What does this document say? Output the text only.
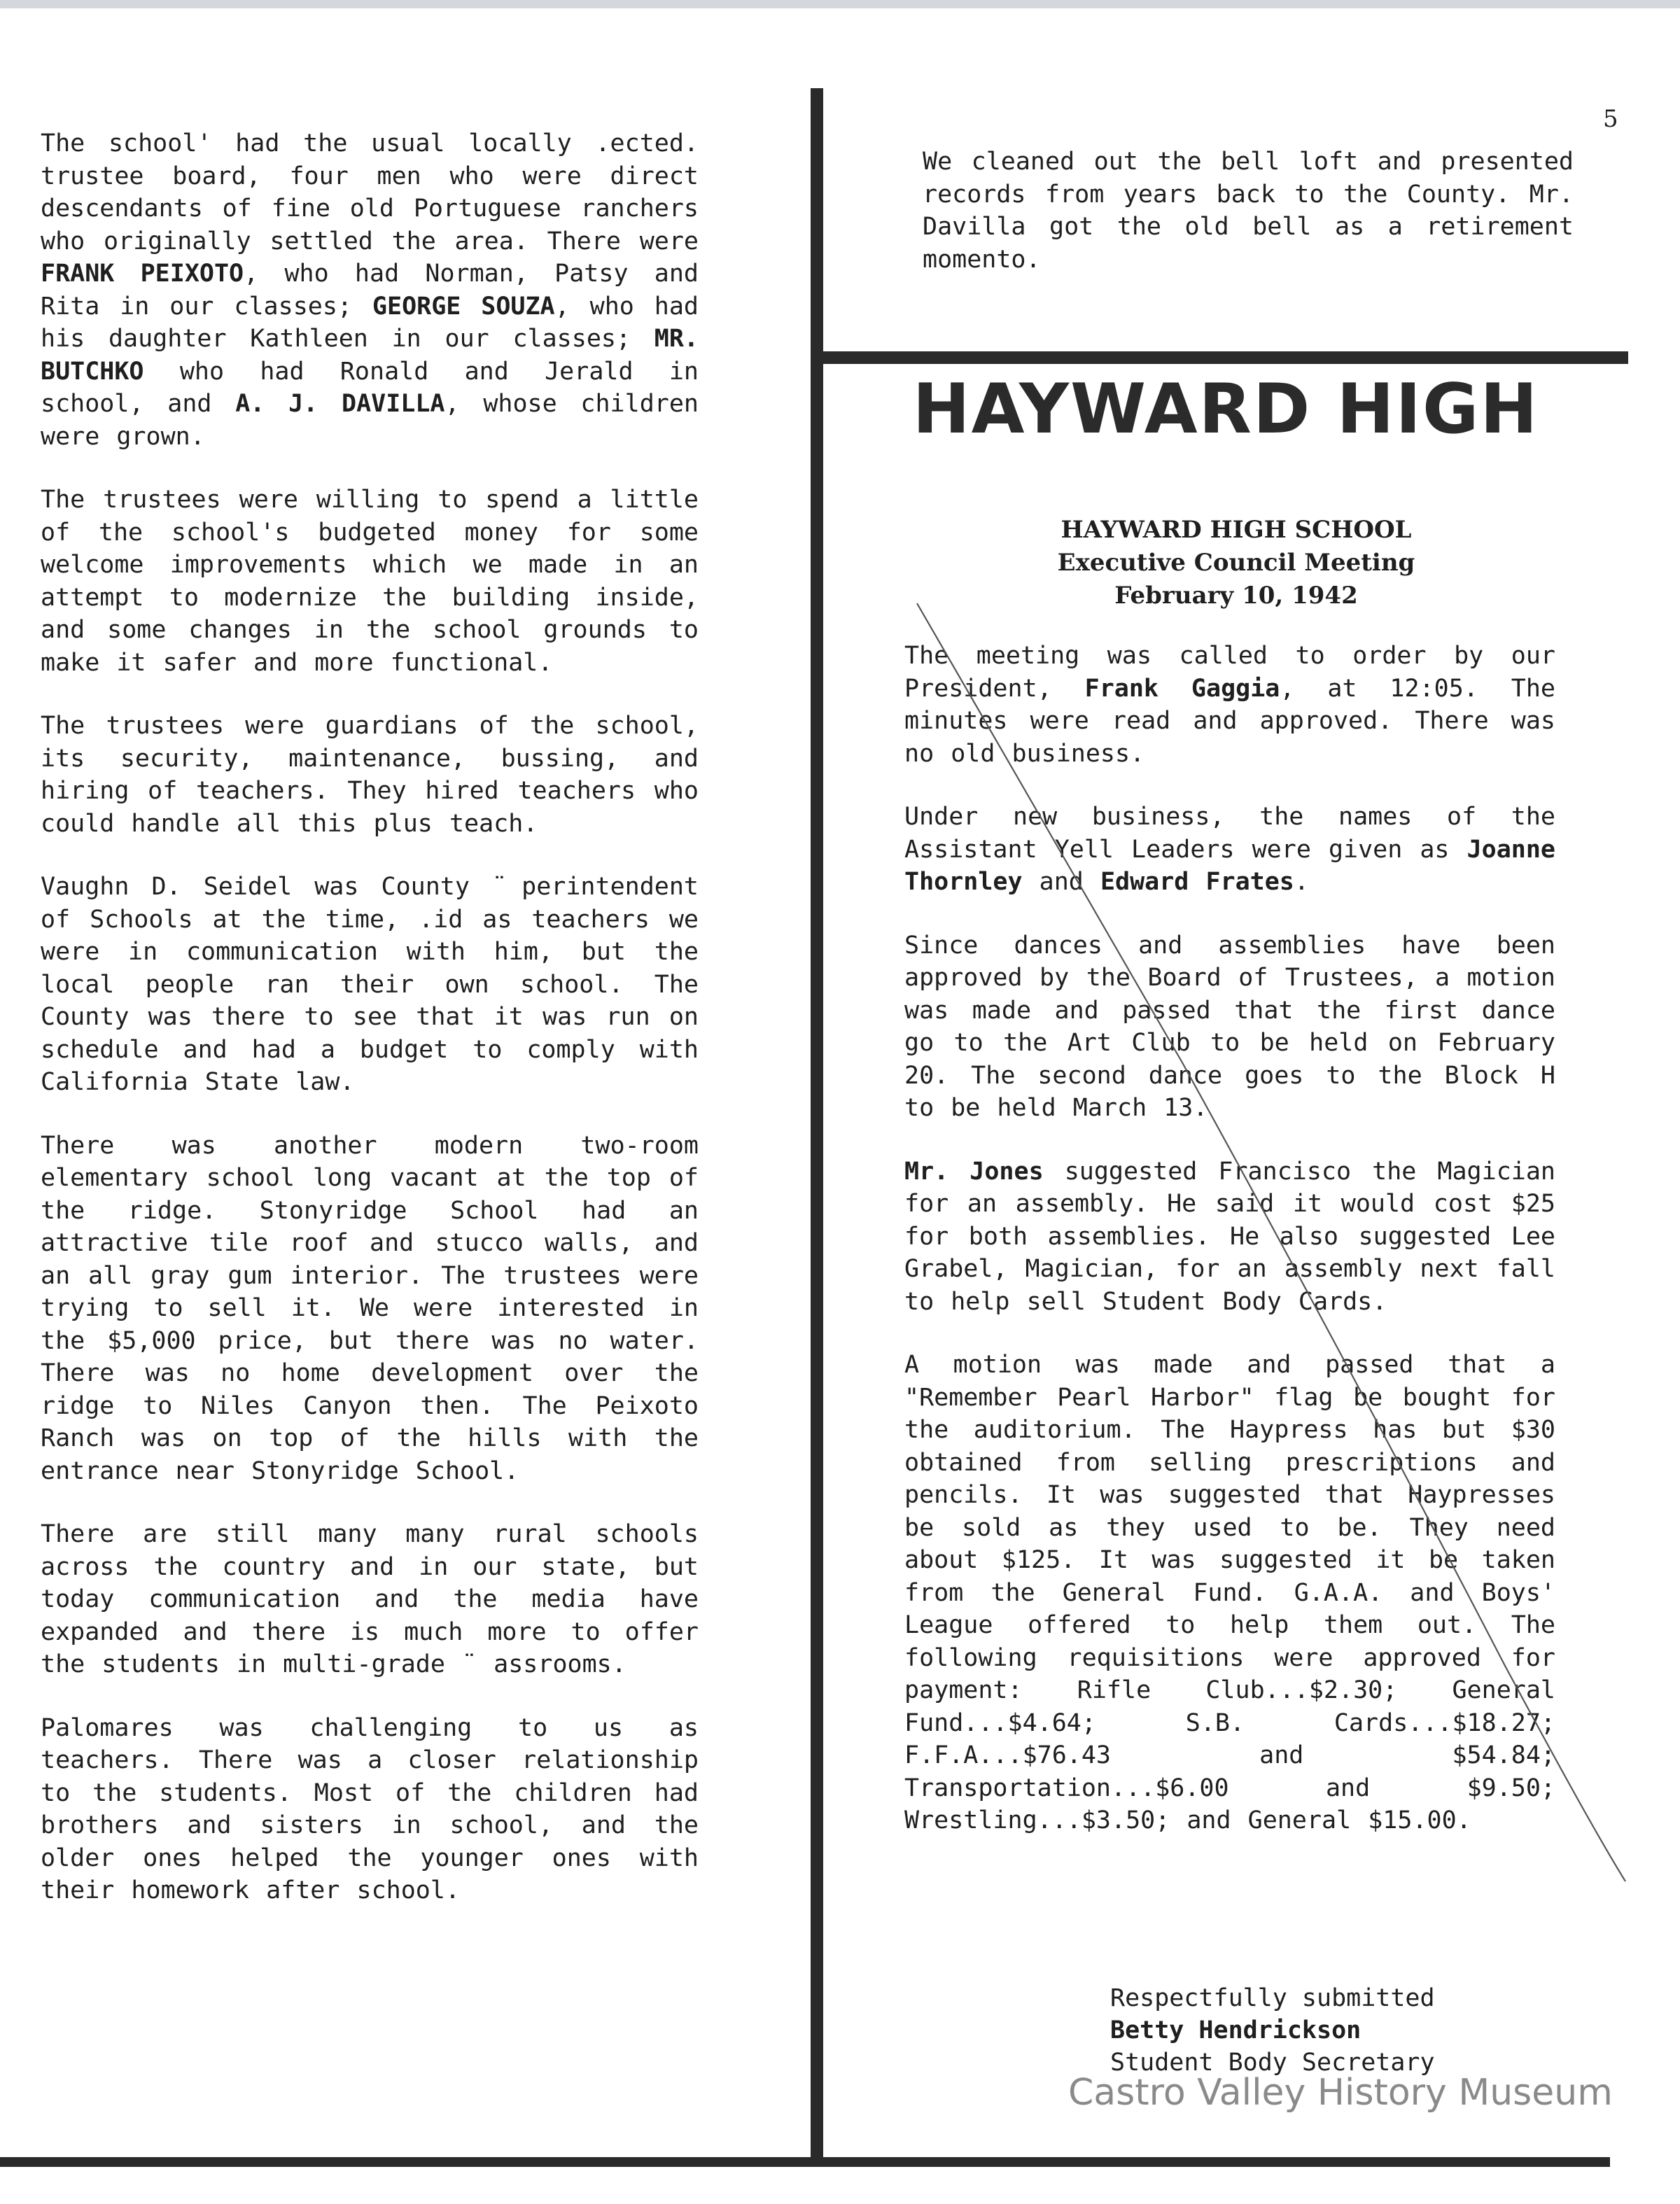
5

The school' had the usual locally .ected. trustee board, four men who were direct descendants of fine old Portuguese ranchers who originally settled the area. There were FRANK PEIXOTO, who had Norman, Patsy and Rita in our classes; GEORGE SOUZA, who had his daughter Kathleen in our classes; MR. BUTCHKO who had Ronald and Jerald in school, and A. J. DAVILLA, whose children were grown.

The trustees were willing to spend a little of the school's budgeted money for some welcome improvements which we made in an attempt to modernize the building inside, and some changes in the school grounds to make it safer and more functional.

The trustees were guardians of the school, its security, maintenance, bussing, and hiring of teachers. They hired teachers who could handle all this plus teach.

Vaughn D. Seidel was County ¨ perintendent of Schools at the time, .id as teachers we were in communication with him, but the local people ran their own school. The County was there to see that it was run on schedule and had a budget to comply with California State law.

There was another modern two-room elementary school long vacant at the top of the ridge. Stonyridge School had an attractive tile roof and stucco walls, and an all gray gum interior. The trustees were trying to sell it. We were interested in the $5,000 price, but there was no water. There was no home development over the ridge to Niles Canyon then. The Peixoto Ranch was on top of the hills with the entrance near Stonyridge School.

There are still many many rural schools across the country and in our state, but today communication and the media have expanded and there is much more to offer the students in multi-grade ¨ assrooms.

Palomares was challenging to us as teachers. There was a closer relationship to the students. Most of the children had brothers and sisters in school, and the older ones helped the younger ones with their homework after school.

We cleaned out the bell loft and presented records from years back to the County. Mr. Davilla got the old bell as a retirement momento.

HAYWARD HIGH
HAYWARD HIGH SCHOOL
Executive Council Meeting
February 10, 1942

The meeting was called to order by our President, Frank Gaggia, at 12:05. The minutes were read and approved. There was no old business.

Under new business, the names of the Assistant Yell Leaders were given as Joanne Thornley and Edward Frates.

Since dances and assemblies have been approved by the Board of Trustees, a motion was made and passed that the first dance go to the Art Club to be held on February 20. The second dance goes to the Block H to be held March 13.

Mr. Jones suggested Francisco the Magician for an assembly. He said it would cost $25 for both assemblies. He also suggested Lee Grabel, Magician, for an assembly next fall to help sell Student Body Cards.

A motion was made and passed that a "Remember Pearl Harbor" flag be bought for the auditorium. The Haypress has but $30 obtained from selling prescriptions and pencils. It was suggested that Haypresses be sold as they used to be. They need about $125. It was suggested it be taken from the General Fund. G.A.A. and Boys' League offered to help them out. The following requisitions were approved for payment: Rifle Club...$2.30; General Fund...$4.64; S.B. Cards...$18.27; F.F.A...$76.43 and $54.84; Transportation...$6.00 and $9.50; Wrestling...$3.50; and General $15.00.

Respectfully submitted
Betty Hendrickson
Student Body Secretary
Castro Valley History Museum
